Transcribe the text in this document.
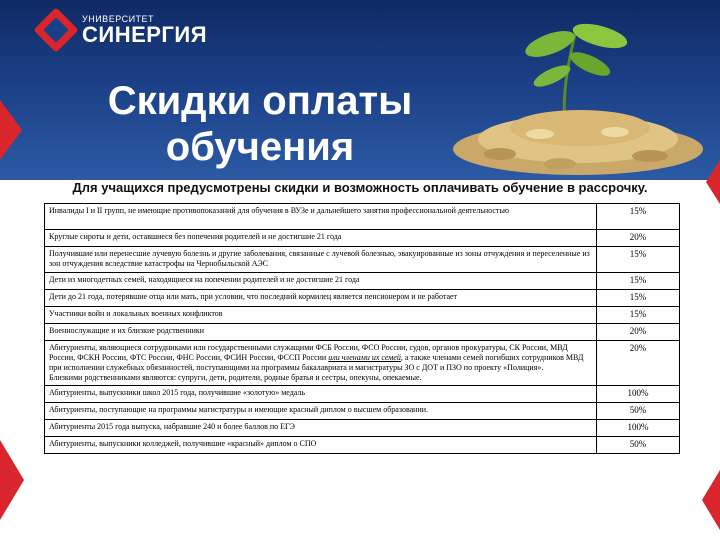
УНИВЕРСИТЕТ
СИНЕРГИЯ
Скидки оплаты
обучения
Для учащихся предусмотрены скидки и возможность оплачивать обучение в рассрочку.
Инвалиды I и II групп, не имеющие противопоказаний для обучения в ВУЗе и дальнейшего занятия профессиональной деятельностью	15%
Круглые сироты и дети, оставшиеся без попечения родителей и не достигшие 21 года	20%
Получившие или перенесшие лучевую болезнь и другие заболевания, связанные с лучевой болезнью, эвакуированные из зоны отчуждения и переселенные из зон отчуждения вследствие катастрофы на Чернобыльской АЭС	15%
Дети из многодетных семей, находящиеся на попечении родителей и не достигшие 21 года	15%
Дети до 21 года, потерявшие отца или мать, при условии, что последний кормилец является пенсионером и не работает	15%
Участники войн и локальных военных конфликтов	15%
Военнослужащие и их близкие родственники	20%
Абитуриенты, являющиеся сотрудниками или государственными служащими ФСБ России, ФСО России, судов, органов прокуратуры, СК России, МВД России, ФСКН России, ФТС России, ФНС России, ФСИН России, ФССП России или членами их семей, а также членами семей погибших сотрудников МВД при исполнении служебных обязанностей, поступающими на программы бакалавриата и магистратуры ЗО с ДОТ и ПЗО по проекту «Полиция».
Близкими родственниками являются: супруги, дети, родители, родные братья и сестры, опекуны, опекаемые.	20%
Абитуриенты, выпускники школ 2015 года, получившие «золотую» медаль	100%
Абитуриенты, поступающие на программы магистратуры и имеющие красный диплом о высшем образовании.	50%
Абитуриенты 2015 года выпуска, набравшие 240 и более баллов по ЕГЭ	100%
Абитуриенты, выпускники колледжей, получившие «красный» диплом о СПО	50%
